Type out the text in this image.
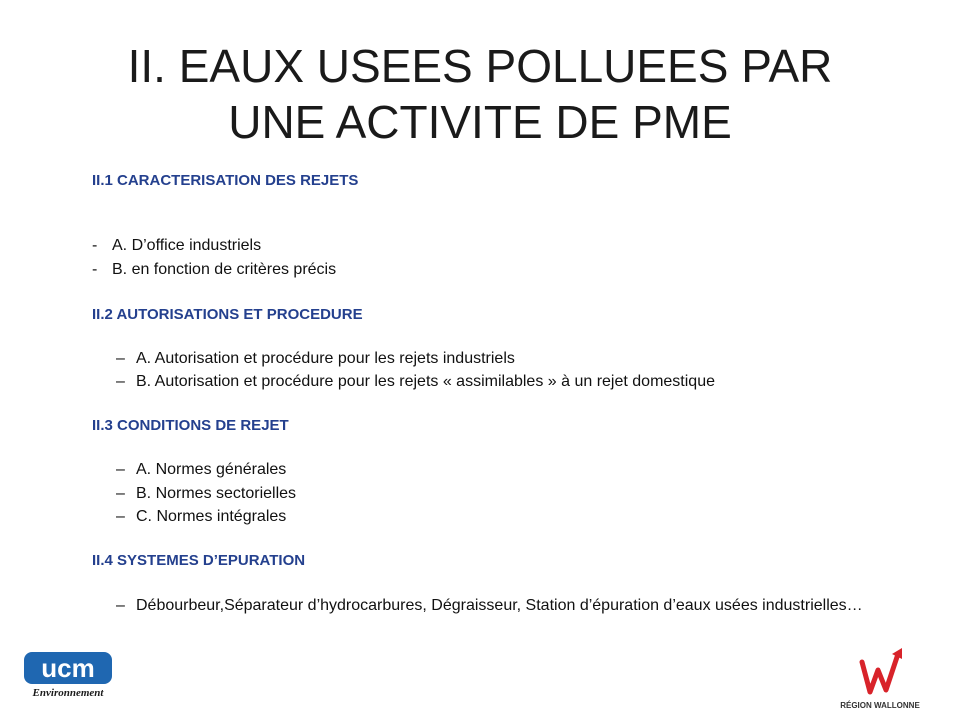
II. EAUX USEES POLLUEES PAR
UNE ACTIVITE DE PME
II.1 CARACTERISATION DES REJETS
- A. D’office industriels
- B. en fonction de critères précis
II.2 AUTORISATIONS ET PROCEDURE
– A. Autorisation et procédure pour les rejets industriels
– B. Autorisation et procédure pour les rejets « assimilables » à un rejet domestique
II.3 CONDITIONS DE REJET
– A. Normes générales
– B. Normes sectorielles
– C. Normes intégrales
II.4 SYSTEMES D’EPURATION
– Débourbeur,Séparateur d’hydrocarbures, Dégraisseur, Station d’épuration d’eaux usées industrielles…
ucm
Environnement
RÉGION WALLONNE
